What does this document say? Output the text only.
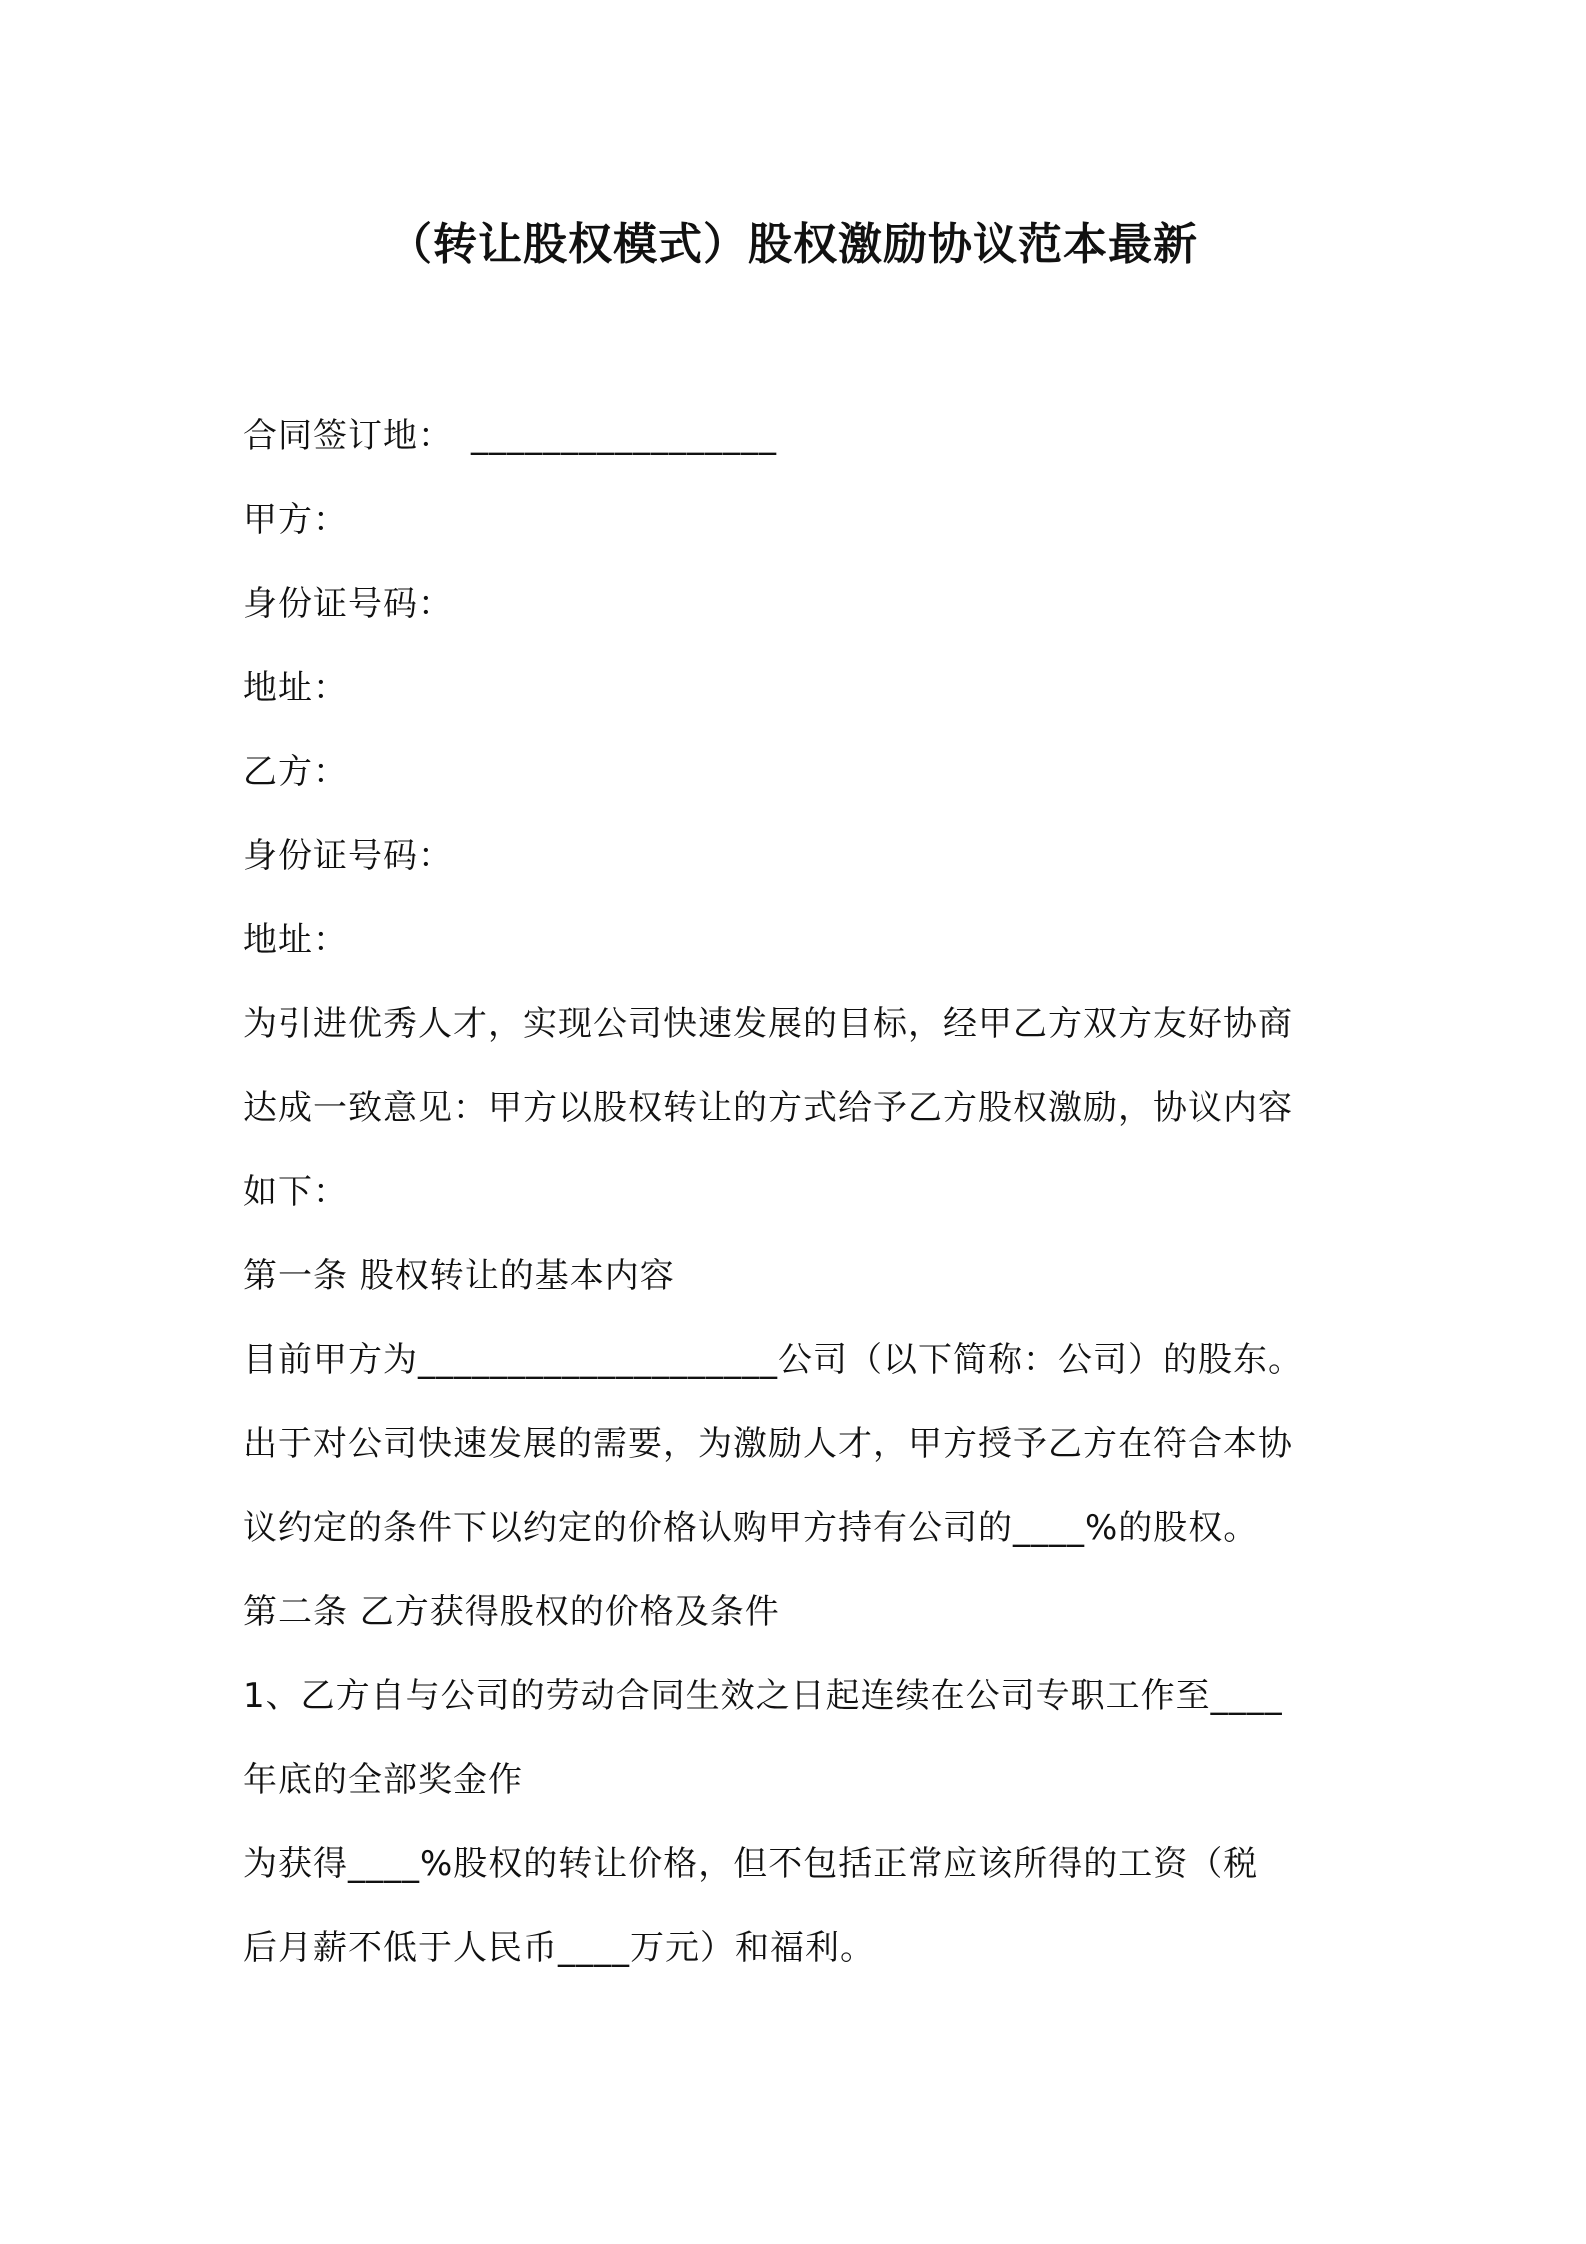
（转让股权模式）股权激励协议范本最新
合同签订地：　_________________
甲方：
身份证号码：
地址：
乙方：
身份证号码：
地址：
为引进优秀人才，实现公司快速发展的目标，经甲乙方双方友好协商
达成一致意见：甲方以股权转让的方式给予乙方股权激励，协议内容
如下：
第一条 股权转让的基本内容
目前甲方为____________________公司（以下简称：公司）的股东。
出于对公司快速发展的需要，为激励人才，甲方授予乙方在符合本协
议约定的条件下以约定的价格认购甲方持有公司的____%的股权。
第二条 乙方获得股权的价格及条件
1、乙方自与公司的劳动合同生效之日起连续在公司专职工作至____
年底的全部奖金作
为获得____%股权的转让价格，但不包括正常应该所得的工资（税
后月薪不低于人民币____万元）和福利。
